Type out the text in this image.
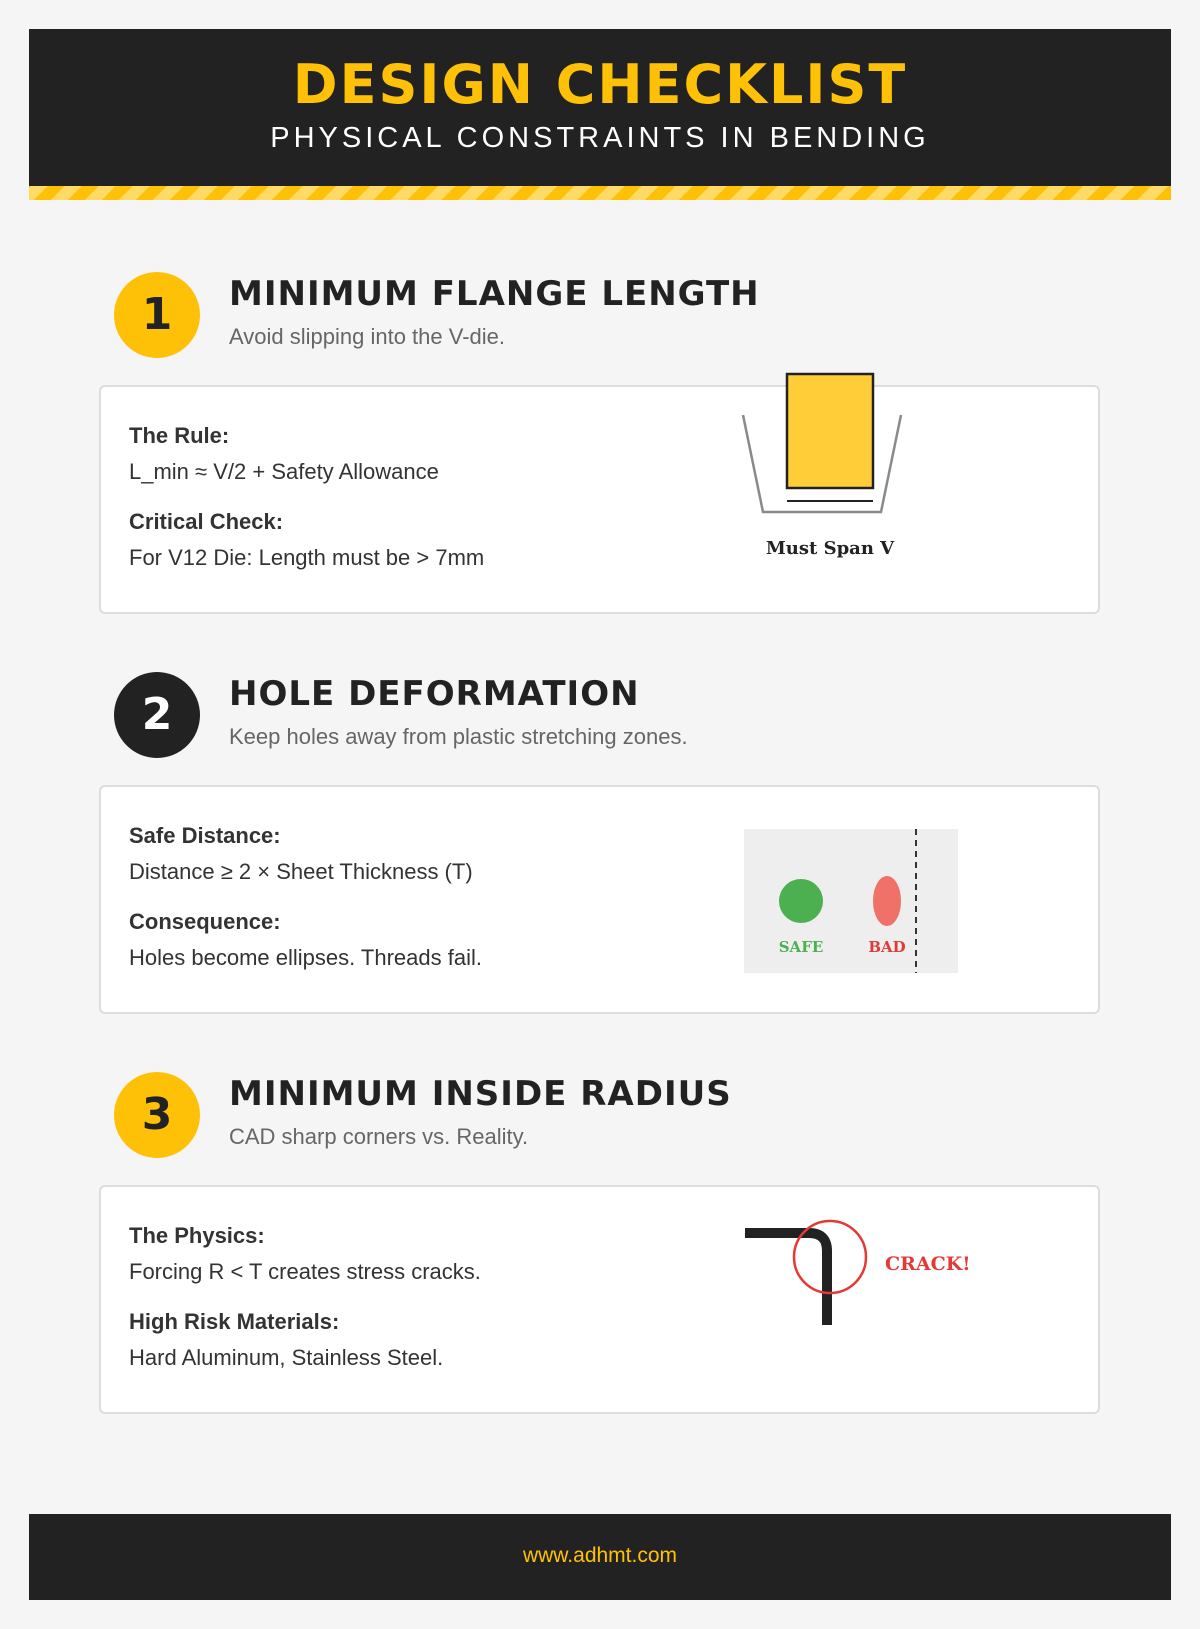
DESIGN CHECKLIST
PHYSICAL CONSTRAINTS IN BENDING
1	MINIMUM FLANGE LENGTH
Avoid slipping into the V-die.
The Rule:
L_min ≈ V/2 + Safety Allowance
Critical Check:
For V12 Die: Length must be > 7mm	Must Span V
2	HOLE DEFORMATION
Keep holes away from plastic stretching zones.
Safe Distance:
Distance ≥ 2 × Sheet Thickness (T)
Consequence:
Holes become ellipses. Threads fail.	SAFE	BAD
3	MINIMUM INSIDE RADIUS
CAD sharp corners vs. Reality.
The Physics:
Forcing R < T creates stress cracks.
High Risk Materials:
Hard Aluminum, Stainless Steel.
CRACK!
www.adhmt.com
